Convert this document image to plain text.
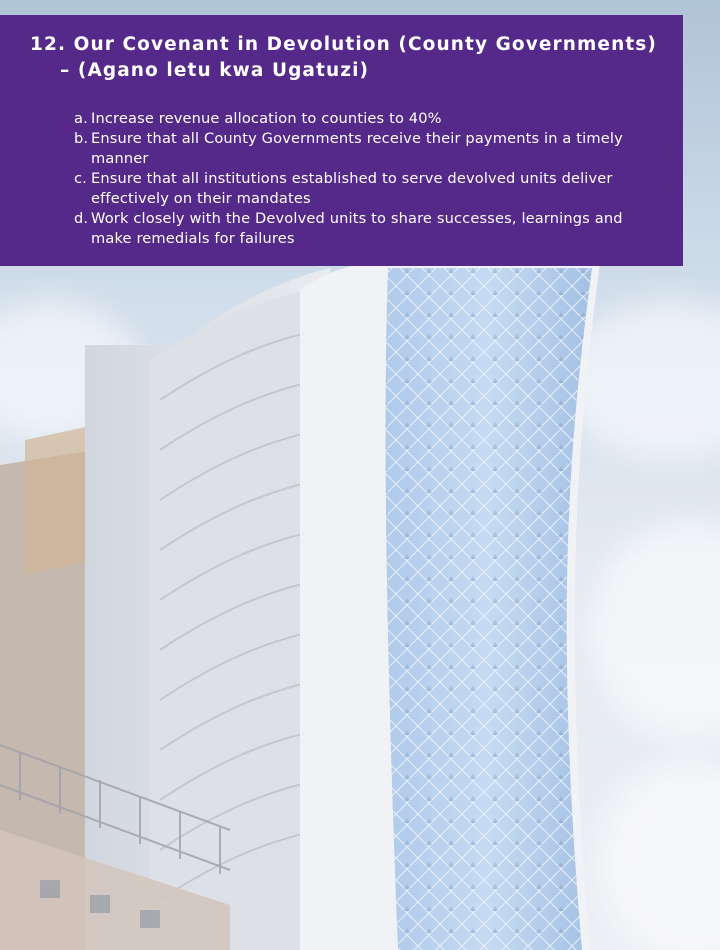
12. Our Covenant in Devolution (County Governments)
– (Agano letu kwa Ugatuzi)
a. Increase revenue allocation to counties to 40%
b. Ensure that all County Governments receive their payments in a timely manner
c. Ensure that all institutions established to serve devolved units deliver effectively on their mandates
d. Work closely with the Devolved units to share successes, learnings and make remedials for failures
